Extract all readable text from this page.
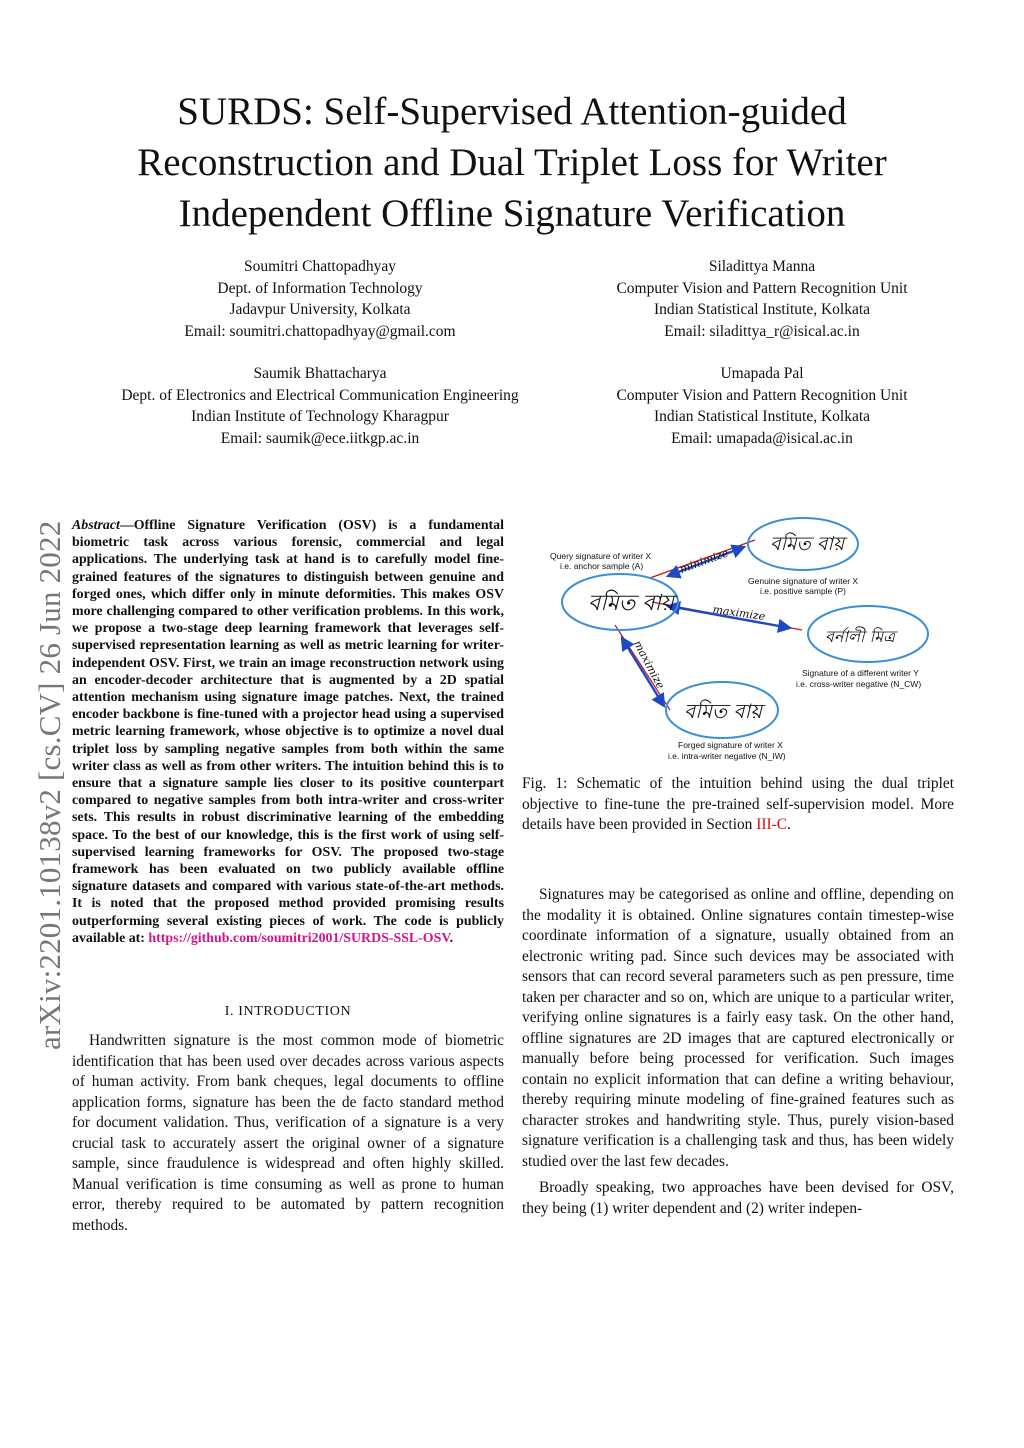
SURDS: Self-Supervised Attention-guided
Reconstruction and Dual Triplet Loss for Writer
Independent Offline Signature Verification
Soumitri Chattopadhyay
Dept. of Information Technology
Jadavpur University, Kolkata
Email: soumitri.chattopadhyay@gmail.com
Siladittya Manna
Computer Vision and Pattern Recognition Unit
Indian Statistical Institute, Kolkata
Email: siladittya_r@isical.ac.in
Saumik Bhattacharya
Dept. of Electronics and Electrical Communication Engineering
Indian Institute of Technology Kharagpur
Email: saumik@ece.iitkgp.ac.in
Umapada Pal
Computer Vision and Pattern Recognition Unit
Indian Statistical Institute, Kolkata
Email: umapada@isical.ac.in
arXiv:2201.10138v2 [cs.CV] 26 Jun 2022 Abstract—Offline Signature Verification (OSV) is a fundamental biometric task across various forensic, commercial and legal applications. The underlying task at hand is to carefully model fine-grained features of the signatures to distinguish between genuine and forged ones, which differ only in minute deformities. This makes OSV more challenging compared to other verification problems. In this work, we propose a two-stage deep learning framework that leverages self-supervised representation learning as well as metric learning for writer-independent OSV. First, we train an image reconstruction network using an encoder-decoder architecture that is augmented by a 2D spatial attention mechanism using signature image patches. Next, the trained encoder backbone is fine-tuned with a projector head using a supervised metric learning framework, whose objective is to optimize a novel dual triplet loss by sampling negative samples from both within the same writer class as well as from other writers. The intuition behind this is to ensure that a signature sample lies closer to its positive counterpart compared to negative samples from both intra-writer and cross-writer sets. This results in robust discriminative learning of the embedding space. To the best of our knowledge, this is the first work of using self-supervised learning frameworks for OSV. The proposed two-stage framework has been evaluated on two publicly available offline signature datasets and compared with various state-of-the-art methods. It is noted that the proposed method provided promising results outperforming several existing pieces of work. The code is publicly available at: https://github.com/soumitri2001/SURDS-SSL-OSV.
I. INTRODUCTION

Handwritten signature is the most common mode of biometric identification that has been used over decades across various aspects of human activity. From bank cheques, legal documents to offline application forms, signature has been the de facto standard method for document validation. Thus, verification of a signature is a very crucial task to accurately assert the original owner of a signature sample, since fraudulence is widespread and often highly skilled. Manual verification is time consuming as well as prone to human error, thereby required to be automated by pattern recognition methods.

minimize
maximize
maximize
বমিত বায়
বমিত বায়
বর্নালী মিত্র
বমিত বায়
Query signature of writer X
i.e. anchor sample (A)
Genuine signature of writer X
i.e. positive sample (P)
Signature of a different writer Y
i.e. cross-writer negative (N_CW)
Forged signature of writer X
i.e. intra-writer negative (N_IW)
Fig. 1: Schematic of the intuition behind using the dual triplet objective to fine-tune the pre-trained self-supervision model. More details have been provided in Section III-C.

Signatures may be categorised as online and offline, depending on the modality it is obtained. Online signatures contain timestep-wise coordinate information of a signature, usually obtained from an electronic writing pad. Since such devices may be associated with sensors that can record several parameters such as pen pressure, time taken per character and so on, which are unique to a particular writer, verifying online signatures is a fairly easy task. On the other hand, offline signatures are 2D images that are captured electronically or manually before being processed for verification. Such images contain no explicit information that can define a writing behaviour, thereby requiring minute modeling of fine-grained features such as character strokes and handwriting style. Thus, purely vision-based signature verification is a challenging task and thus, has been widely studied over the last few decades.

Broadly speaking, two approaches have been devised for OSV, they being (1) writer dependent and (2) writer indepen-
